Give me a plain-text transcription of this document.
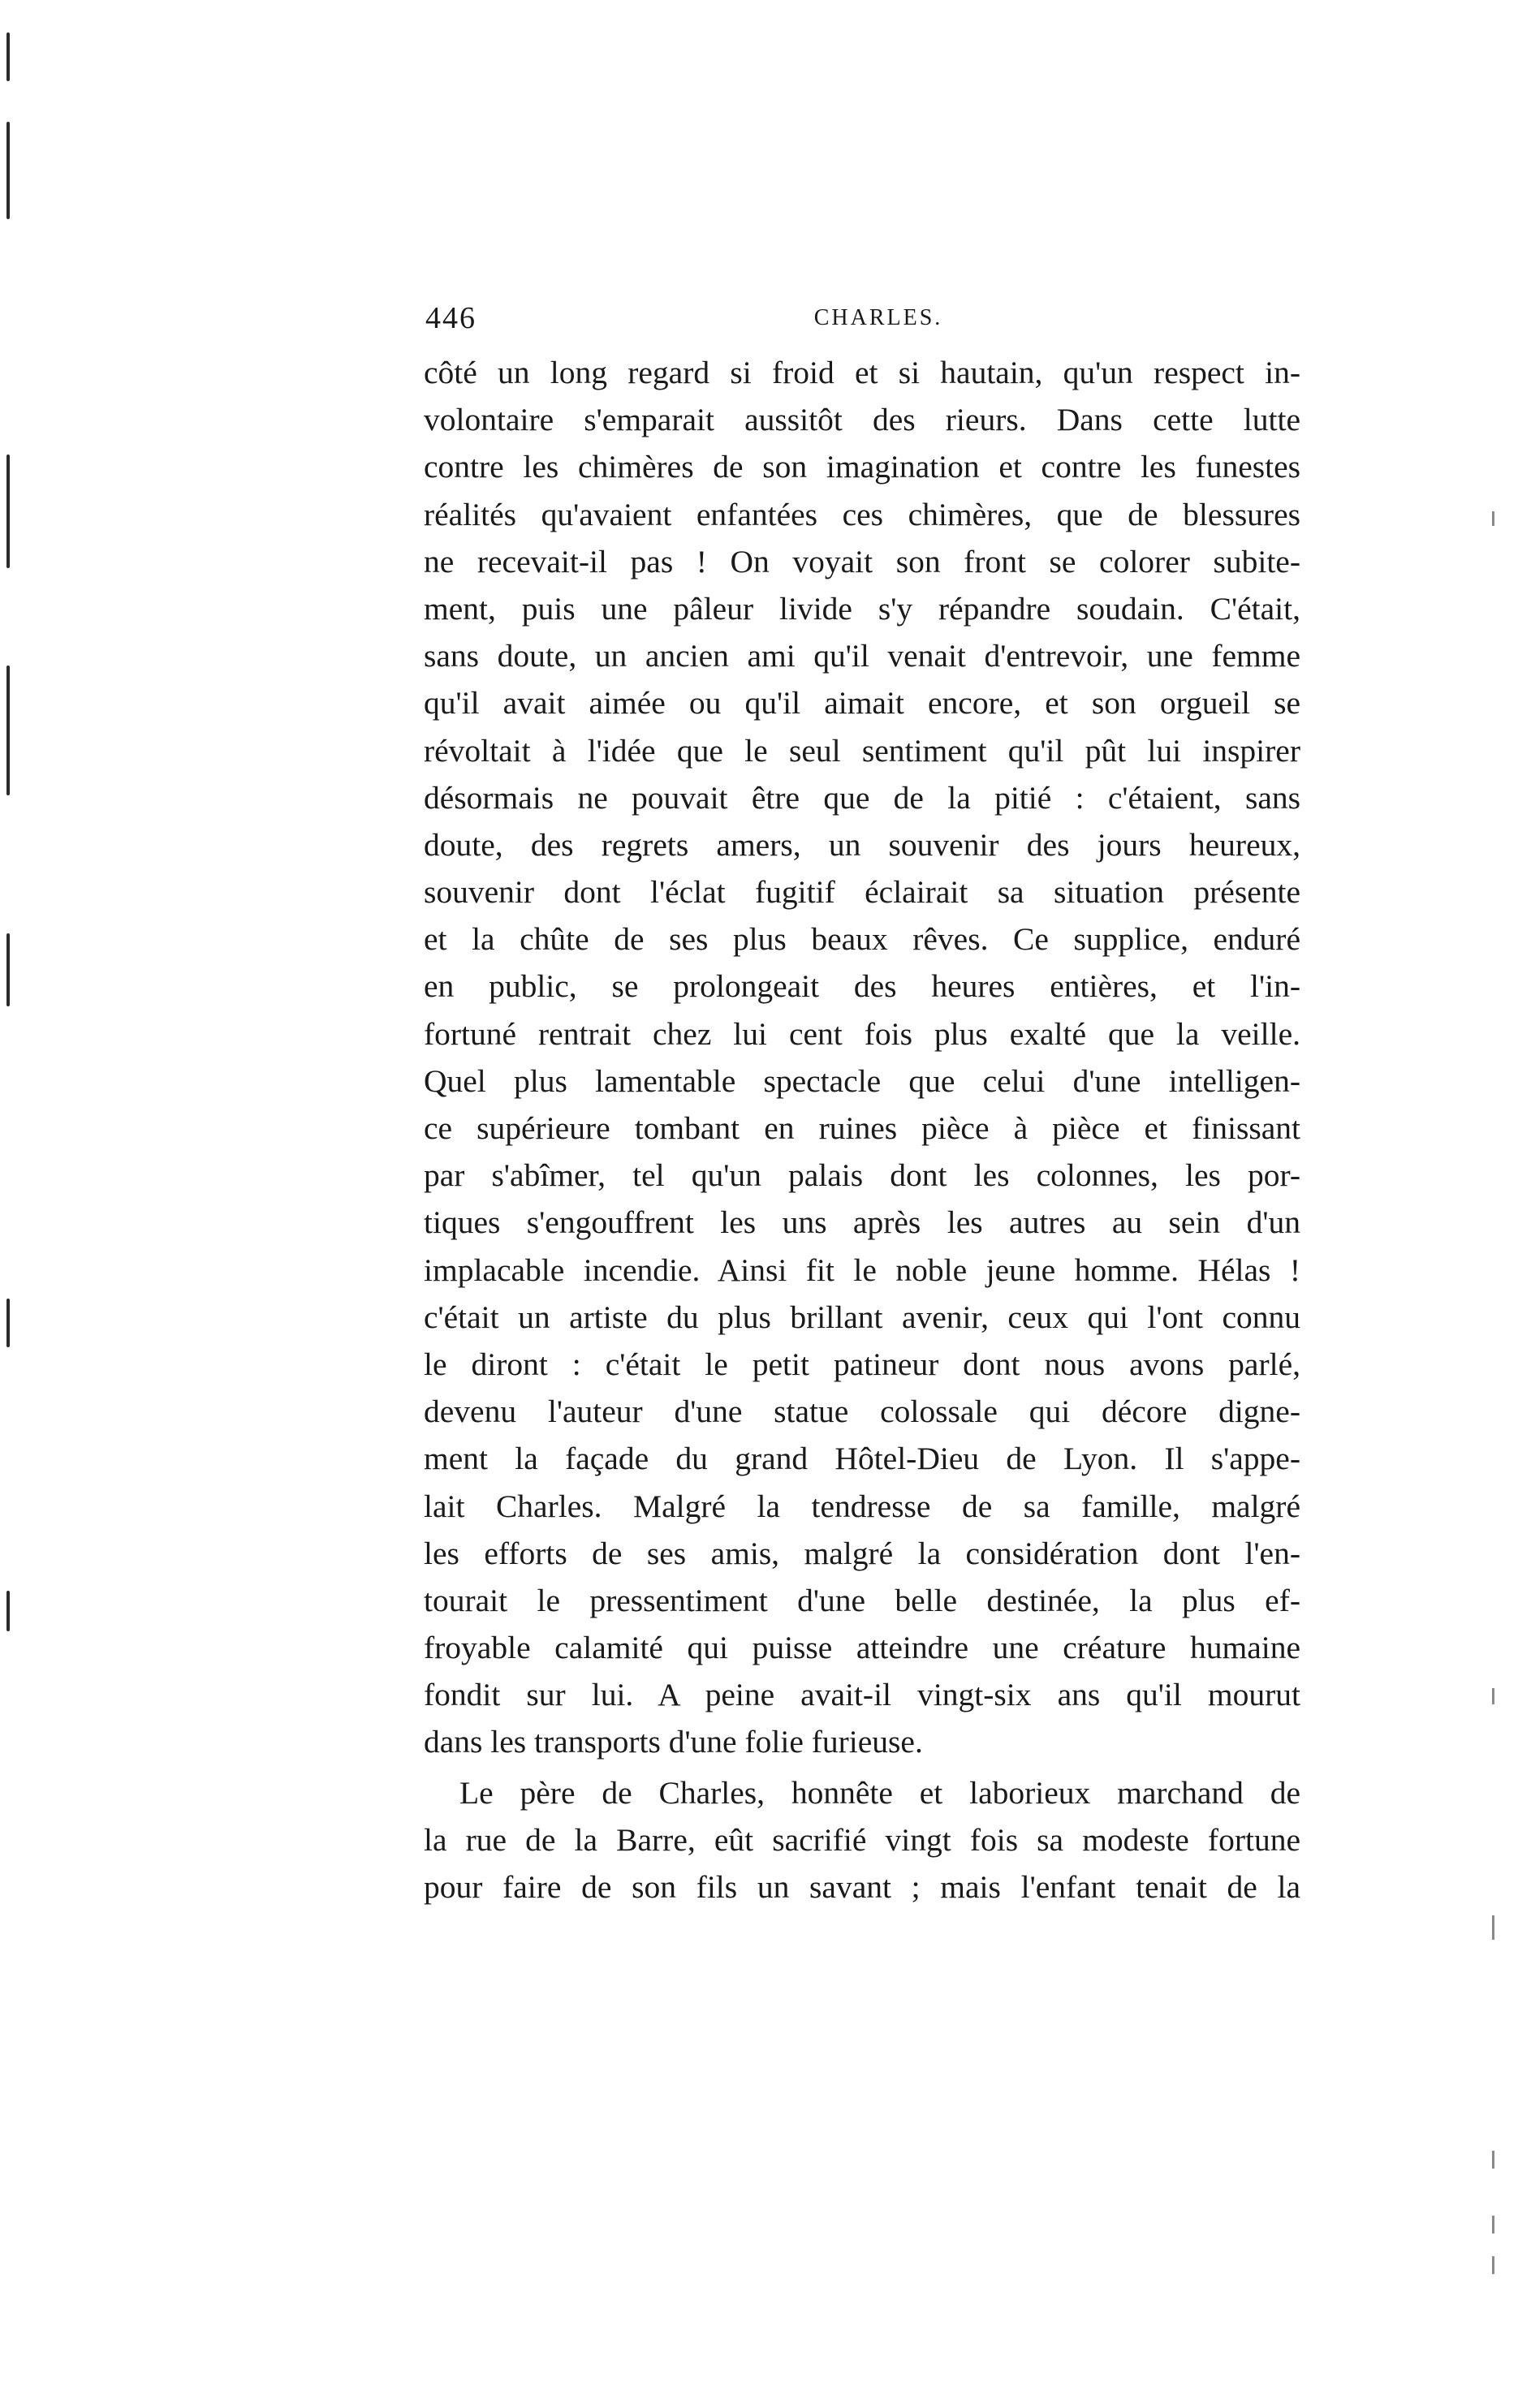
446	CHARLES.
côté un long regard si froid et si hautain, qu'un respect in-
volontaire s'emparait aussitôt des rieurs. Dans cette lutte
contre les chimères de son imagination et contre les funestes
réalités qu'avaient enfantées ces chimères, que de blessures
ne recevait-il pas ! On voyait son front se colorer subite-
ment, puis une pâleur livide s'y répandre soudain. C'était,
sans doute, un ancien ami qu'il venait d'entrevoir, une femme
qu'il avait aimée ou qu'il aimait encore, et son orgueil se
révoltait à l'idée que le seul sentiment qu'il pût lui inspirer
désormais ne pouvait être que de la pitié : c'étaient, sans
doute, des regrets amers, un souvenir des jours heureux,
souvenir dont l'éclat fugitif éclairait sa situation présente
et la chûte de ses plus beaux rêves. Ce supplice, enduré
en public, se prolongeait des heures entières, et l'in-
fortuné rentrait chez lui cent fois plus exalté que la veille.
Quel plus lamentable spectacle que celui d'une intelligen-
ce supérieure tombant en ruines pièce à pièce et finissant
par s'abîmer, tel qu'un palais dont les colonnes, les por-
tiques s'engouffrent les uns après les autres au sein d'un
implacable incendie. Ainsi fit le noble jeune homme. Hélas !
c'était un artiste du plus brillant avenir, ceux qui l'ont connu
le diront : c'était le petit patineur dont nous avons parlé,
devenu l'auteur d'une statue colossale qui décore digne-
ment la façade du grand Hôtel-Dieu de Lyon. Il s'appe-
lait Charles. Malgré la tendresse de sa famille, malgré
les efforts de ses amis, malgré la considération dont l'en-
tourait le pressentiment d'une belle destinée, la plus ef-
froyable calamité qui puisse atteindre une créature humaine
fondit sur lui. A peine avait-il vingt-six ans qu'il mourut
dans les transports d'une folie furieuse.
Le père de Charles, honnête et laborieux marchand de
la rue de la Barre, eût sacrifié vingt fois sa modeste fortune
pour faire de son fils un savant ; mais l'enfant tenait de la
